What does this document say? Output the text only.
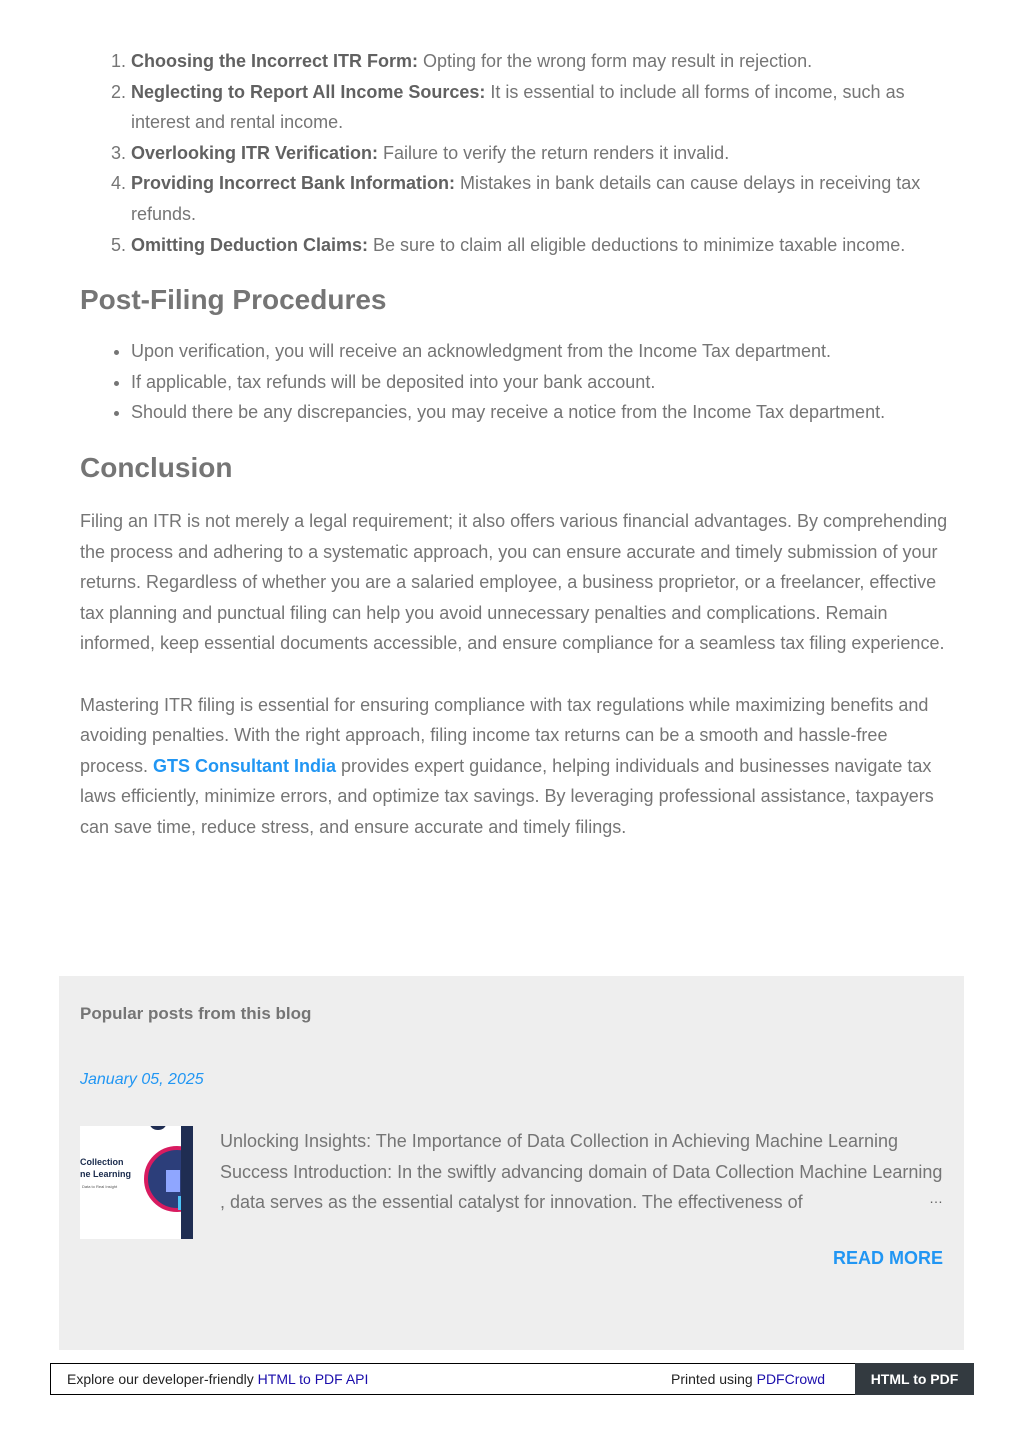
1. Choosing the Incorrect ITR Form: Opting for the wrong form may result in rejection.
2. Neglecting to Report All Income Sources: It is essential to include all forms of income, such as interest and rental income.
3. Overlooking ITR Verification: Failure to verify the return renders it invalid.
4. Providing Incorrect Bank Information: Mistakes in bank details can cause delays in receiving tax refunds.
5. Omitting Deduction Claims: Be sure to claim all eligible deductions to minimize taxable income.
Post-Filing Procedures
• Upon verification, you will receive an acknowledgment from the Income Tax department.
• If applicable, tax refunds will be deposited into your bank account.
• Should there be any discrepancies, you may receive a notice from the Income Tax department.
Conclusion

Filing an ITR is not merely a legal requirement; it also offers various financial advantages. By comprehending the process and adhering to a systematic approach, you can ensure accurate and timely submission of your returns. Regardless of whether you are a salaried employee, a business proprietor, or a freelancer, effective tax planning and punctual filing can help you avoid unnecessary penalties and complications. Remain informed, keep essential documents accessible, and ensure compliance for a seamless tax filing experience.

Mastering ITR filing is essential for ensuring compliance with tax regulations while maximizing benefits and avoiding penalties. With the right approach, filing income tax returns can be a smooth and hassle-free process. GTS Consultant India provides expert guidance, helping individuals and businesses navigate tax laws efficiently, minimize errors, and optimize tax savings. By leveraging professional assistance, taxpayers can save time, reduce stress, and ensure accurate and timely filings.

Popular posts from this blog
January 05, 2025
Collection
ne Learning
Data to Real Insight
Unlocking Insights: The Importance of Data Collection in Achieving Machine Learning Success Introduction: In the swiftly advancing domain of Data Collection Machine Learning , data serves as the essential catalyst for innovation. The effectiveness of	…
READ MORE
Explore our developer-friendly HTML to PDF API	Printed using PDFCrowd	HTML to PDF
